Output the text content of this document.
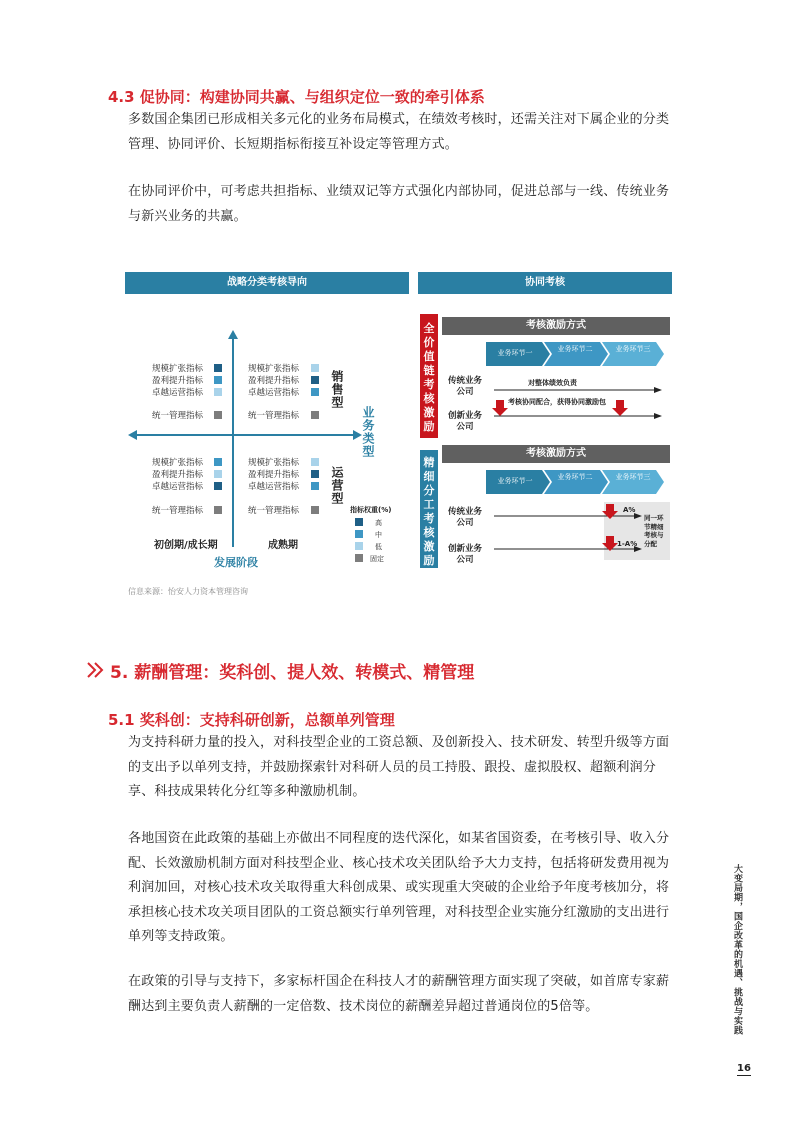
4.3 促协同：构建协同共赢、与组织定位一致的牵引体系
多数国企集团已形成相关多元化的业务布局模式，在绩效考核时，还需关注对下属企业的分类管理、协同评价、长短期指标衔接互补设定等管理方式。
在协同评价中，可考虑共担指标、业绩双记等方式强化内部协同，促进总部与一线、传统业务与新兴业务的共赢。
战略分类考核导向	协同考核
规模扩张指标
盈利提升指标
卓越运营指标
统一管理指标
规模扩张指标
盈利提升指标
卓越运营指标
统一管理指标
销售型
业务类型
规模扩张指标
盈利提升指标
卓越运营指标
统一管理指标
规模扩张指标
盈利提升指标
卓越运营指标
统一管理指标
运营型
初创期/成长期	成熟期
发展阶段
指标权重(%)
高
中
低
固定
全价值链考核激励
考核激励方式
业务环节一	业务环节二	业务环节三
传统业务公司
创新业务公司
对整体绩效负责
考核协同配合，获得协同激励包
精细分工考核激励
考核激励方式
业务环节一	业务环节二	业务环节三
传统业务公司
创新业务公司
A%
1-A%
同一环节精细考核与分配
信息来源：怡安人力资本管理咨询
5. 薪酬管理：奖科创、提人效、转模式、精管理
5.1 奖科创：支持科研创新，总额单列管理
为支持科研力量的投入，对科技型企业的工资总额、及创新投入、技术研发、转型升级等方面的支出予以单列支持，并鼓励探索针对科研人员的员工持股、跟投、虚拟股权、超额利润分享、科技成果转化分红等多种激励机制。
各地国资在此政策的基础上亦做出不同程度的迭代深化，如某省国资委，在考核引导、收入分配、长效激励机制方面对科技型企业、核心技术攻关团队给予大力支持，包括将研发费用视为利润加回，对核心技术攻关取得重大科创成果、或实现重大突破的企业给予年度考核加分，将承担核心技术攻关项目团队的工资总额实行单列管理，对科技型企业实施分红激励的支出进行单列等支持政策。
在政策的引导与支持下，多家标杆国企在科技人才的薪酬管理方面实现了突破，如首席专家薪酬达到主要负责人薪酬的一定倍数、技术岗位的薪酬差异超过普通岗位的5倍等。	大变局期，国企改革的机遇、挑战与实践
16
